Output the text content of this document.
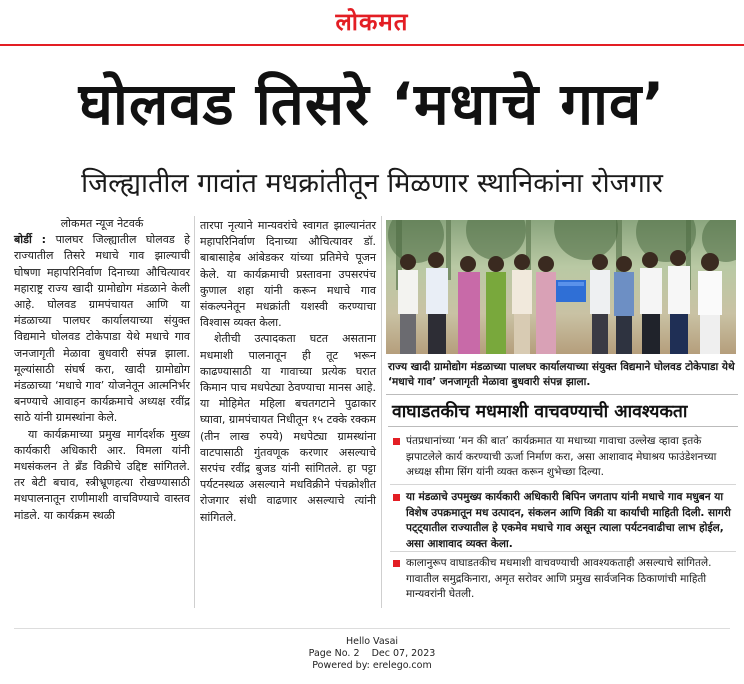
लोकमत
घोलवड तिसरे ‘मधाचे गाव’
जिल्ह्यातील गावांत मधक्रांतीतून मिळणार स्थानिकांना रोजगार
लोकमत न्यूज नेटवर्क

बोर्डी : पालघर जिल्ह्यातील घोलवड हे राज्यातील तिसरे मधाचे गाव झाल्याची घोषणा महापरिनिर्वाण दिनाच्या औचित्यावर महाराष्ट्र राज्य खादी ग्रामोद्योग मंडळाने केली आहे. घोलवड ग्रामपंचायत आणि या मंडळाच्या पालघर कार्यालयाच्या संयुक्त विद्यमाने घोलवड टोकेपाडा येथे मधाचे गाव जनजागृती मेळावा बुधवारी संपन्न झाला. मूल्यांसाठी संघर्ष करा, खादी ग्रामोद्योग मंडळाच्या ‘मधाचे गाव’ योजनेतून आत्मनिर्भर बनण्याचे आवाहन कार्यक्रमाचे अध्यक्ष रवींद्र साठे यांनी ग्रामस्थांना केले.

या कार्यक्रमाच्या प्रमुख मार्गदर्शक मुख्य कार्यकारी अधिकारी आर. विमला यांनी मधसंकलन ते ब्रँड विक्रीचे उद्दिष्ट सांगितले. तर बेटी बचाव, स्त्रीभ्रूणहत्या रोखण्यासाठी मधपालनातून राणीमाशी वाचविण्याचे वास्तव मांडले. या कार्यक्रम स्थळी

तारपा नृत्याने मान्यवरांचे स्वागत झाल्यानंतर महापरिनिर्वाण दिनाच्या औचित्यावर डॉ. बाबासाहेब आंबेडकर यांच्या प्रतिमेचे पूजन केले. या कार्यक्रमाची प्रस्तावना उपसरपंच कुणाल शहा यांनी करून मधाचे गाव संकल्पनेतून मधक्रांती यशस्वी करण्याचा विश्वास व्यक्त केला.

शेतीची उत्पादकता घटत असताना मधमाशी पालनातून ही तूट भरून काढण्यासाठी या गावाच्या प्रत्येक घरात किमान पाच मधपेट्या ठेवण्याचा मानस आहे. या मोहिमेत महिला बचतगटाने पुढाकार घ्यावा, ग्रामपंचायत निधीतून १५ टक्के रक्कम (तीन लाख रुपये) मधपेट्या ग्रामस्थांना वाटपासाठी गुंतवणूक करणार असल्याचे सरपंच रवींद्र बुजड यांनी सांगितले. हा पट्टा पर्यटनस्थळ असल्याने मधविक्रीने पंचक्रोशीत रोजगार संधी वाढणार असल्याचे त्यांनी सांगितले.

राज्य खादी ग्रामोद्योग मंडळाच्या पालघर कार्यालयाच्या संयुक्त विद्यमाने घोलवड टोकेपाडा येथे ‘मधाचे गाव’ जनजागृती मेळावा बुधवारी संपन्न झाला.
वाघाडतकीच मधमाशी वाचवण्याची आवश्यकता
पंतप्रधानांच्या ‘मन की बात’ कार्यक्रमात या मधाच्या गावाचा उल्लेख व्हावा इतके झपाटलेले कार्य करण्याची ऊर्जा निर्माण करा, असा आशावाद मेघाश्रय फाउंडेशनच्या अध्यक्ष सीमा सिंग यांनी व्यक्त करून शुभेच्छा दिल्या.
या मंडळाचे उपमुख्य कार्यकारी अधिकारी बिपिन जगताप यांनी मधाचे गाव मधुबन या विशेष उपक्रमातून मध उत्पादन, संकलन आणि विक्री या कार्याची माहिती दिली. सागरी पट्ट्यातील राज्यातील हे एकमेव मधाचे गाव असून त्याला पर्यटनवाढीचा लाभ होईल, असा आशावाद व्यक्त केला.
कालानुरूप वाघाडतकीच मधमाशी वाचवण्याची आवश्यकताही असल्याचे सांगितले. गावातील समुद्रकिनारा, अमृत सरोवर आणि प्रमुख सार्वजनिक ठिकाणांची माहिती मान्यवरांनी घेतली.
Hello Vasai
Page No. 2 Dec 07, 2023
Powered by: erelego.com
